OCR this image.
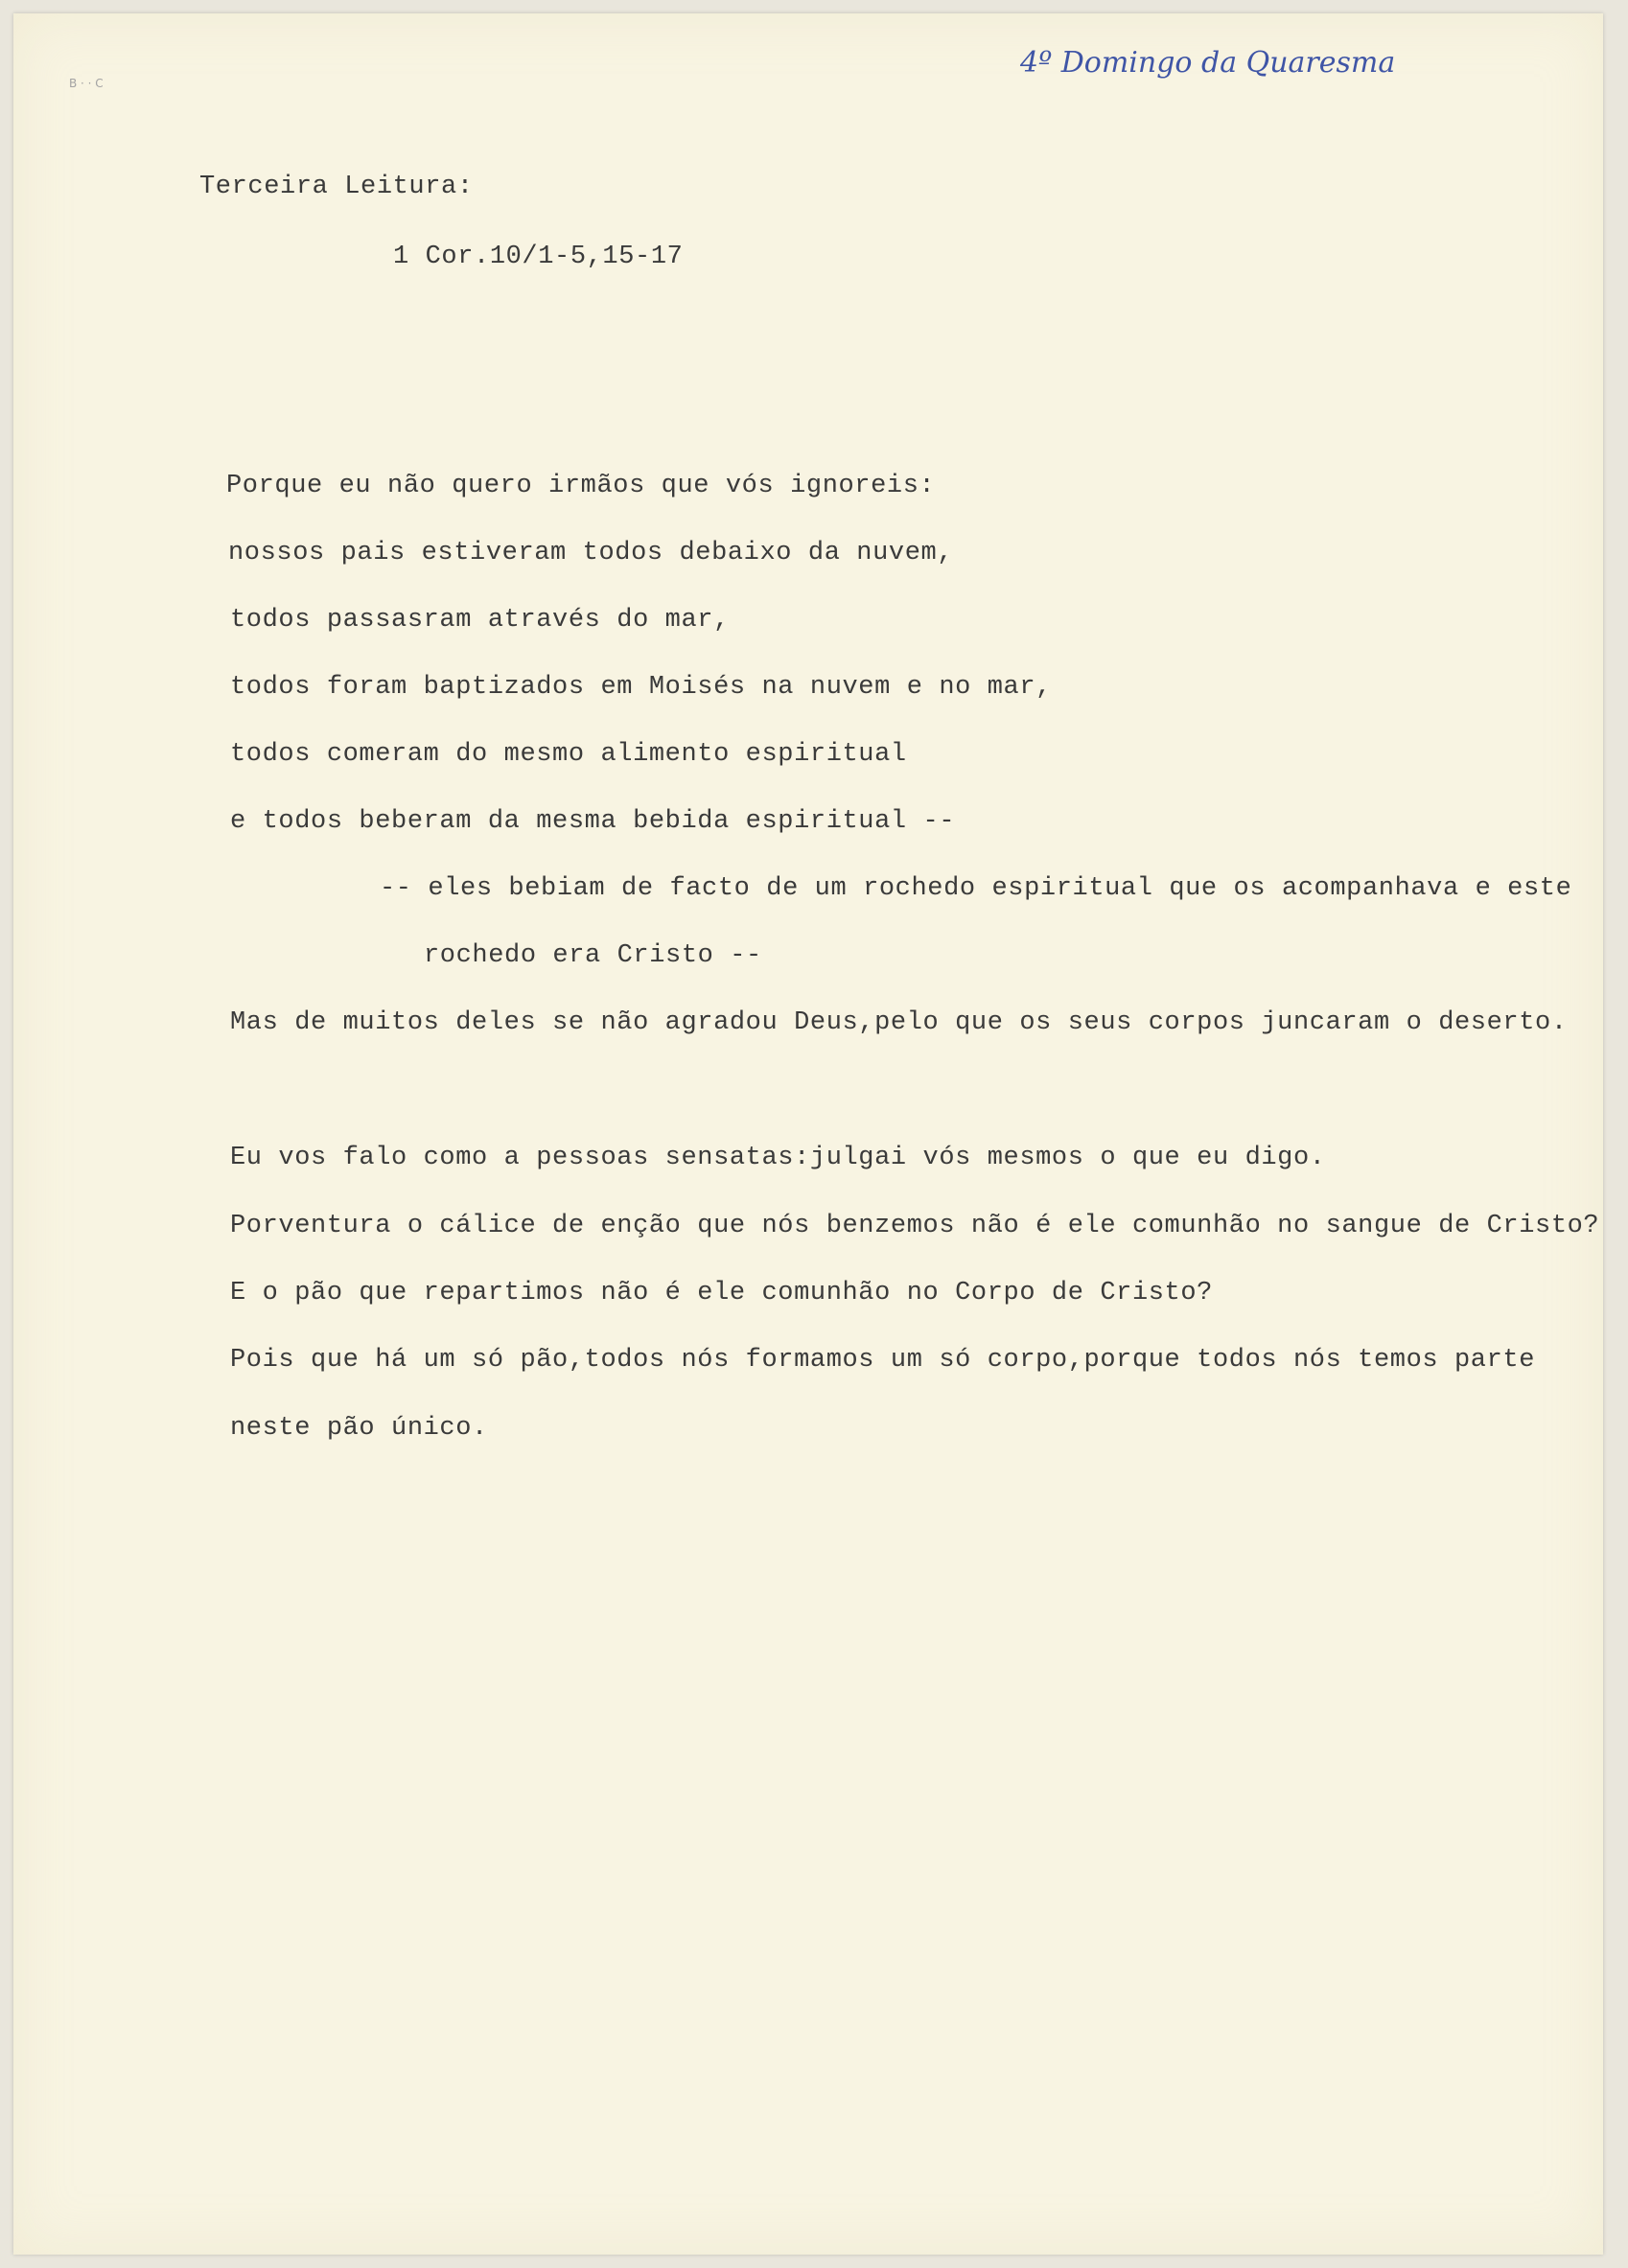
B · · C
4º Domingo da Quaresma

Terceira Leitura:

1 Cor.10/1-5,15-17

Porque eu não quero irmãos que vós ignoreis:

nossos pais estiveram todos debaixo da nuvem,

todos passasram através do mar,

todos foram baptizados em Moisés na nuvem e no mar,

todos comeram do mesmo alimento espiritual

e todos beberam da mesma bebida espiritual --

-- eles bebiam de facto de um rochedo espiritual que os acompanhava e este

rochedo era Cristo --

Mas de muitos deles se não agradou Deus,pelo que os seus corpos juncaram o deserto.

Eu vos falo como a pessoas sensatas:julgai vós mesmos o que eu digo.

Porventura o cálice de enção que nós benzemos não é ele comunhão no sangue de Cristo?

E o pão que repartimos não é ele comunhão no Corpo de Cristo?

Pois que há um só pão,todos nós formamos um só corpo,porque todos nós temos parte

neste pão único.
